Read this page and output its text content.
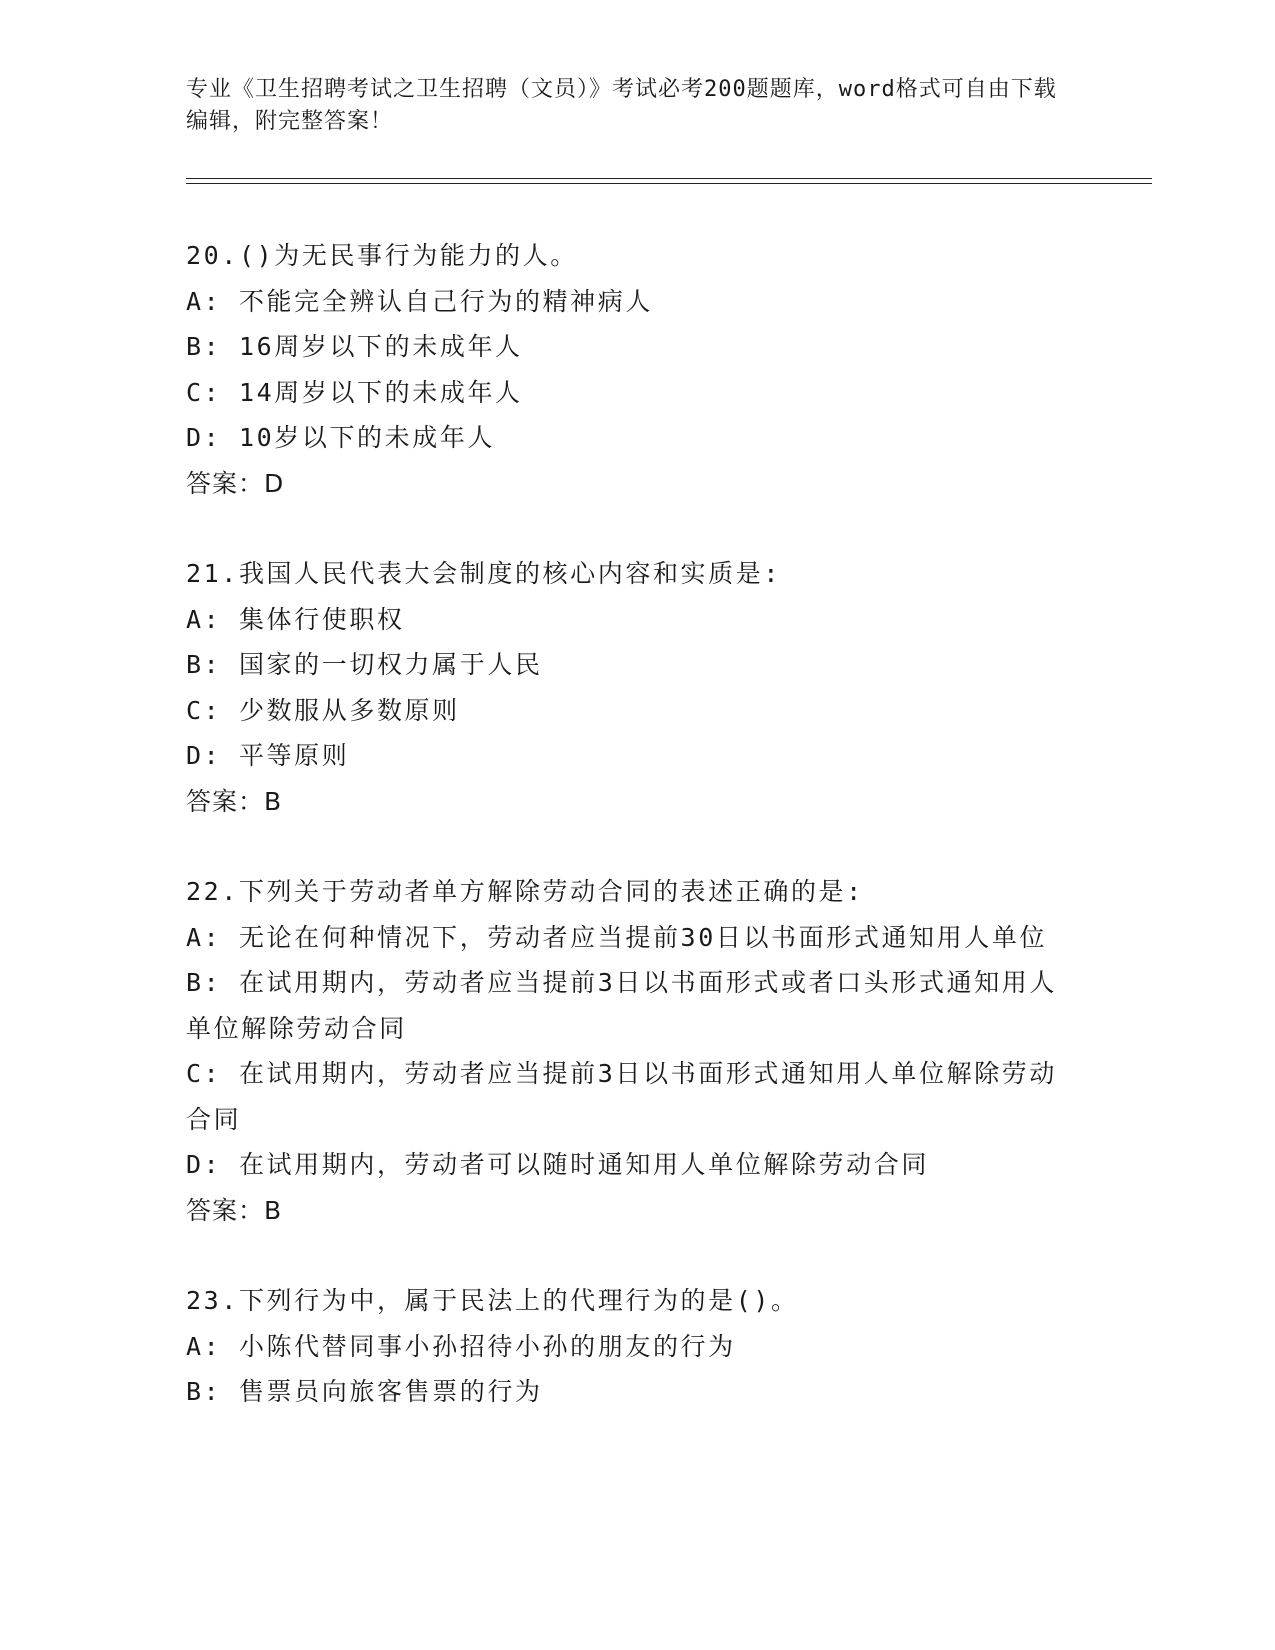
专业《卫生招聘考试之卫生招聘（文员）》考试必考200题题库，word格式可自由下载编辑，附完整答案！
20.()为无民事行为能力的人。
A: 不能完全辨认自己行为的精神病人
B: 16周岁以下的未成年人
C: 14周岁以下的未成年人
D: 10岁以下的未成年人
答案：D
21.我国人民代表大会制度的核心内容和实质是:
A: 集体行使职权
B: 国家的一切权力属于人民
C: 少数服从多数原则
D: 平等原则
答案：B
22.下列关于劳动者单方解除劳动合同的表述正确的是:
A: 无论在何种情况下，劳动者应当提前30日以书面形式通知用人单位
B: 在试用期内，劳动者应当提前3日以书面形式或者口头形式通知用人单位解除劳动合同
C: 在试用期内，劳动者应当提前3日以书面形式通知用人单位解除劳动合同
D: 在试用期内，劳动者可以随时通知用人单位解除劳动合同
答案：B
23.下列行为中，属于民法上的代理行为的是()。
A: 小陈代替同事小孙招待小孙的朋友的行为
B: 售票员向旅客售票的行为
